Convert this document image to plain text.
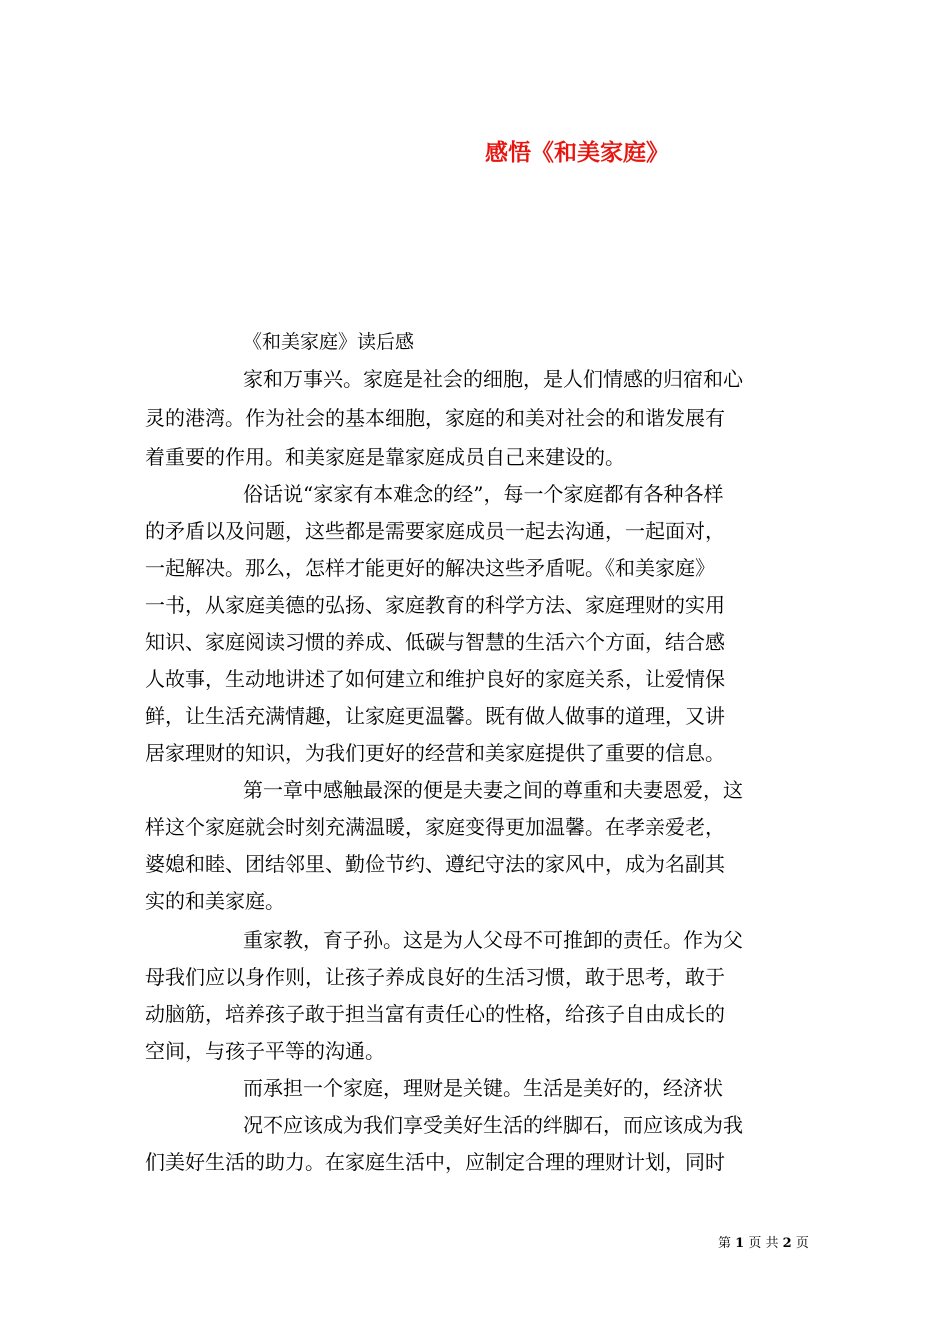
感悟《和美家庭》
《和美家庭》读后感
家和万事兴。家庭是社会的细胞，是人们情感的归宿和心
灵的港湾。作为社会的基本细胞，家庭的和美对社会的和谐发展有
着重要的作用。和美家庭是靠家庭成员自己来建设的。
俗话说“家家有本难念的经”，每一个家庭都有各种各样
的矛盾以及问题，这些都是需要家庭成员一起去沟通，一起面对，
一起解决。那么，怎样才能更好的解决这些矛盾呢。《和美家庭》
一书，从家庭美德的弘扬、家庭教育的科学方法、家庭理财的实用
知识、家庭阅读习惯的养成、低碳与智慧的生活六个方面，结合感
人故事，生动地讲述了如何建立和维护良好的家庭关系，让爱情保
鲜，让生活充满情趣，让家庭更温馨。既有做人做事的道理，又讲
居家理财的知识，为我们更好的经营和美家庭提供了重要的信息。
第一章中感触最深的便是夫妻之间的尊重和夫妻恩爱，这
样这个家庭就会时刻充满温暖，家庭变得更加温馨。在孝亲爱老，
婆媳和睦、团结邻里、勤俭节约、遵纪守法的家风中，成为名副其
实的和美家庭。
重家教，育子孙。这是为人父母不可推卸的责任。作为父
母我们应以身作则，让孩子养成良好的生活习惯，敢于思考，敢于
动脑筋，培养孩子敢于担当富有责任心的性格，给孩子自由成长的
空间，与孩子平等的沟通。
而承担一个家庭，理财是关键。生活是美好的，经济状
况不应该成为我们享受美好生活的绊脚石，而应该成为我
们美好生活的助力。在家庭生活中，应制定合理的理财计划，同时
第 1 页 共 2 页
